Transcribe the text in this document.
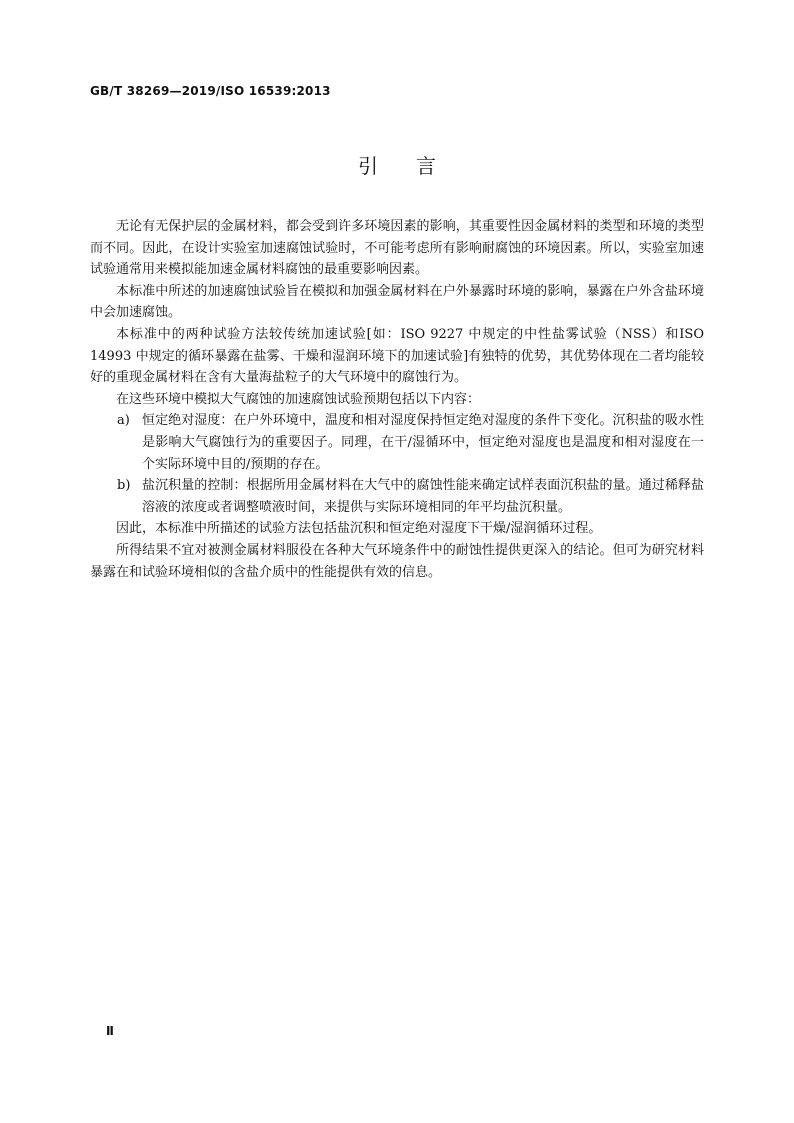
GB/T 38269—2019/ISO 16539:2013
引言

无论有无保护层的金属材料，都会受到许多环境因素的影响，其重要性因金属材料的类型和环境的类型而不同。因此，在设计实验室加速腐蚀试验时，不可能考虑所有影响耐腐蚀的环境因素。所以，实验室加速试验通常用来模拟能加速金属材料腐蚀的最重要影响因素。

本标准中所述的加速腐蚀试验旨在模拟和加强金属材料在户外暴露时环境的影响，暴露在户外含盐环境中会加速腐蚀。

本标准中的两种试验方法较传统加速试验[如：ISO 9227 中规定的中性盐雾试验（NSS）和ISO 14993 中规定的循环暴露在盐雾、干燥和湿润环境下的加速试验]有独特的优势，其优势体现在二者均能较好的重现金属材料在含有大量海盐粒子的大气环境中的腐蚀行为。

在这些环境中模拟大气腐蚀的加速腐蚀试验预期包括以下内容：

a) 恒定绝对湿度：在户外环境中，温度和相对湿度保持恒定绝对湿度的条件下变化。沉积盐的吸水性是影响大气腐蚀行为的重要因子。同理，在干/湿循环中，恒定绝对湿度也是温度和相对湿度在一个实际环境中目的/预期的存在。
b) 盐沉积量的控制：根据所用金属材料在大气中的腐蚀性能来确定试样表面沉积盐的量。通过稀释盐溶液的浓度或者调整喷液时间，来提供与实际环境相同的年平均盐沉积量。

因此，本标准中所描述的试验方法包括盐沉积和恒定绝对湿度下干燥/湿润循环过程。

所得结果不宜对被测金属材料服役在各种大气环境条件中的耐蚀性提供更深入的结论。但可为研究材料暴露在和试验环境相似的含盐介质中的性能提供有效的信息。

Ⅱ
